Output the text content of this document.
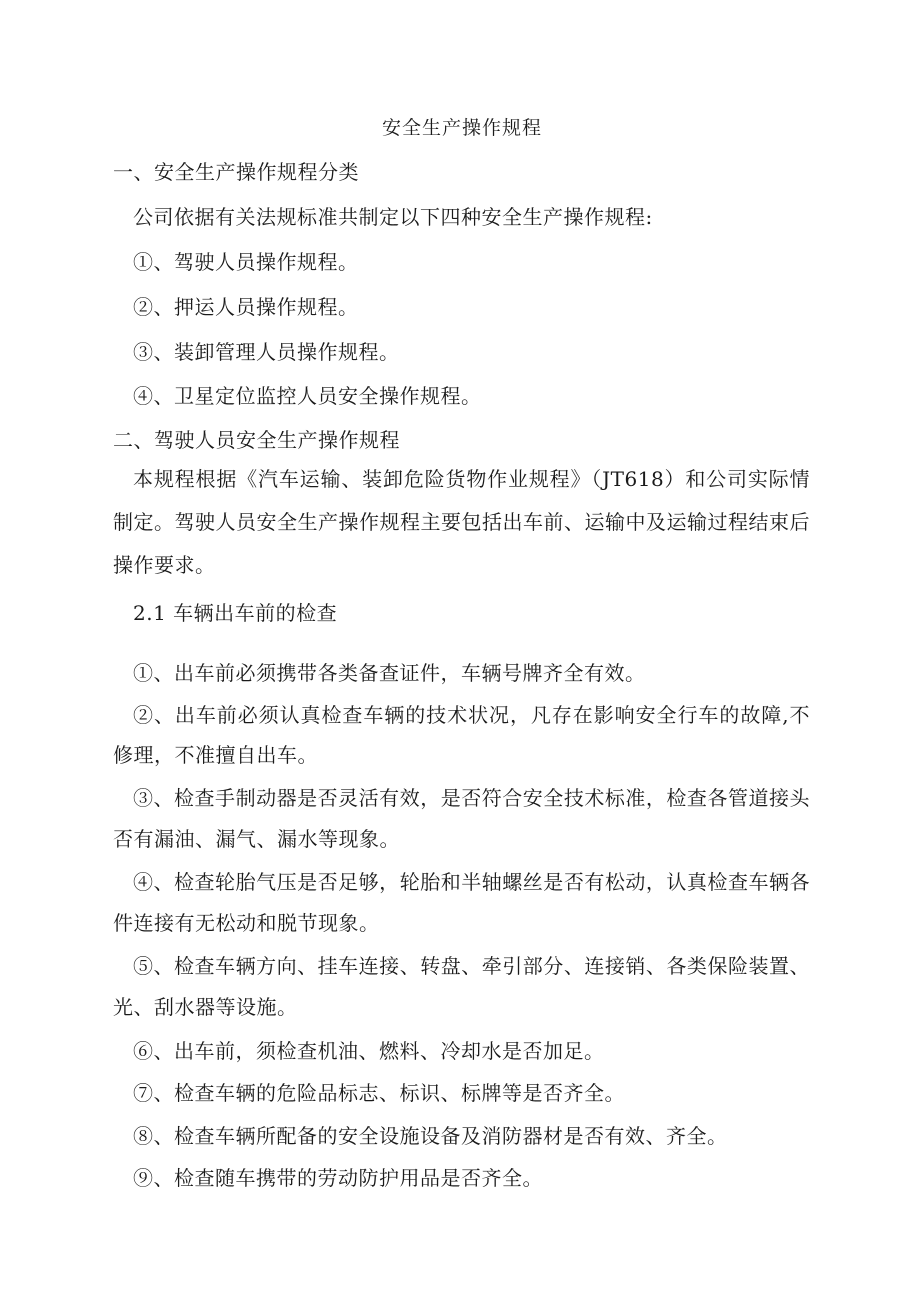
安全生产操作规程
一、安全生产操作规程分类
公司依据有关法规标准共制定以下四种安全生产操作规程:
①、驾驶人员操作规程。
②、押运人员操作规程。
③、装卸管理人员操作规程。
④、卫星定位监控人员安全操作规程。
二、驾驶人员安全生产操作规程
本规程根据《汽车运输、装卸危险货物作业规程》（JT618）和公司实际情
制定。驾驶人员安全生产操作规程主要包括出车前、运输中及运输过程结束后
操作要求。
2.1 车辆出车前的检查
①、出车前必须携带各类备查证件，车辆号牌齐全有效。
②、出车前必须认真检查车辆的技术状况，凡存在影响安全行车的故障,不
修理，不准擅自出车。
③、检查手制动器是否灵活有效，是否符合安全技术标准，检查各管道接头
否有漏油、漏气、漏水等现象。
④、检查轮胎气压是否足够，轮胎和半轴螺丝是否有松动，认真检查车辆各
件连接有无松动和脱节现象。
⑤、检查车辆方向、挂车连接、转盘、牵引部分、连接销、各类保险装置、
光、刮水器等设施。
⑥、出车前，须检查机油、燃料、冷却水是否加足。
⑦、检查车辆的危险品标志、标识、标牌等是否齐全。
⑧、检查车辆所配备的安全设施设备及消防器材是否有效、齐全。
⑨、检查随车携带的劳动防护用品是否齐全。
